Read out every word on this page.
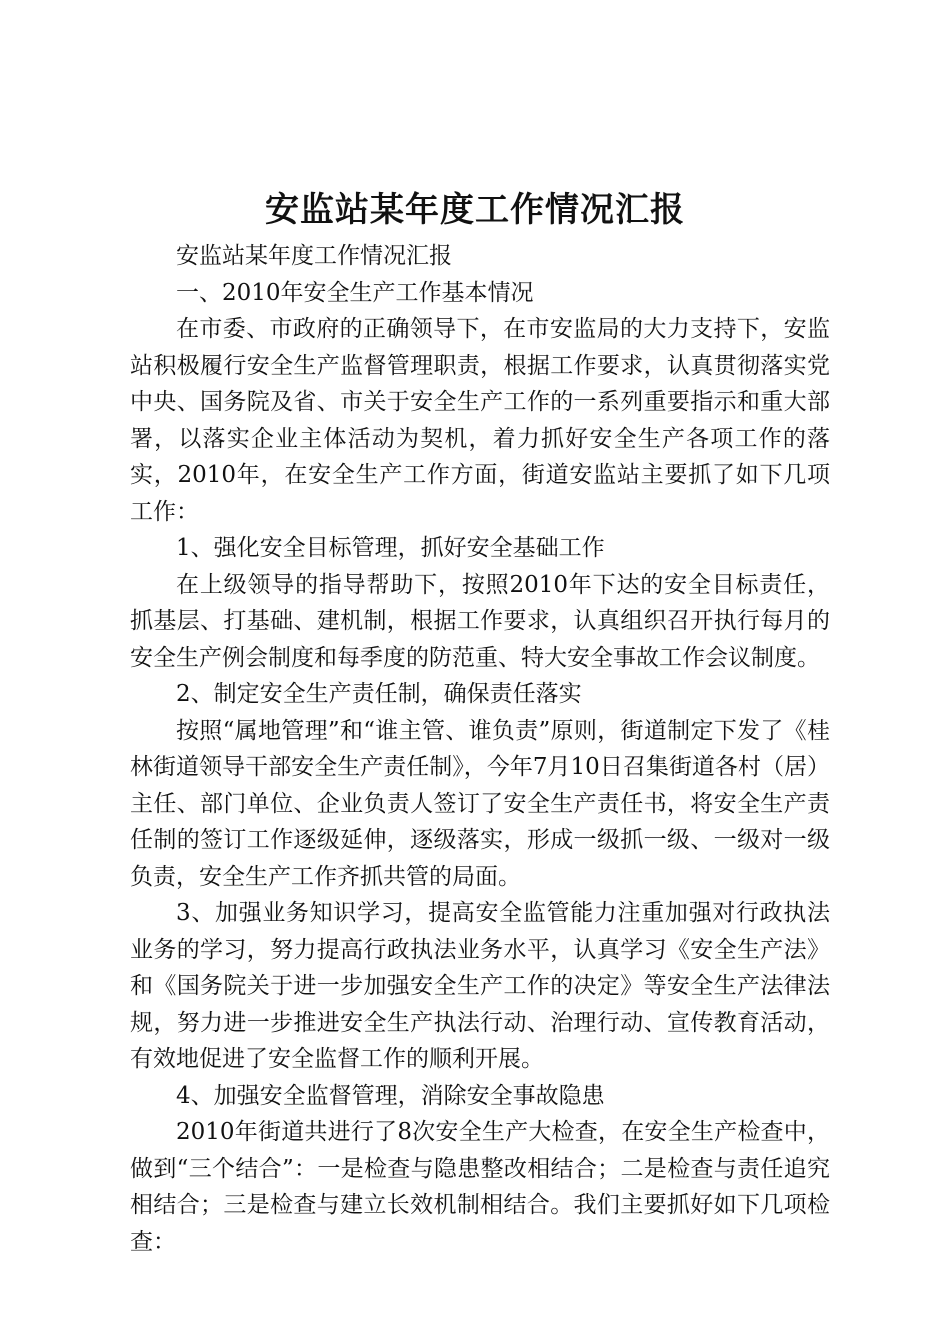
安监站某年度工作情况汇报

安监站某年度工作情况汇报

一、2010年安全生产工作基本情况

在市委、市政府的正确领导下，在市安监局的大力支持下，安监站积极履行安全生产监督管理职责，根据工作要求，认真贯彻落实党中央、国务院及省、市关于安全生产工作的一系列重要指示和重大部署，以落实企业主体活动为契机，着力抓好安全生产各项工作的落实，2010年，在安全生产工作方面，街道安监站主要抓了如下几项工作：

1、强化安全目标管理，抓好安全基础工作

在上级领导的指导帮助下，按照2010年下达的安全目标责任，抓基层、打基础、建机制，根据工作要求，认真组织召开执行每月的安全生产例会制度和每季度的防范重、特大安全事故工作会议制度。

2、制定安全生产责任制，确保责任落实

按照“属地管理”和“谁主管、谁负责”原则，街道制定下发了《桂林街道领导干部安全生产责任制》，今年7月10日召集街道各村（居）主任、部门单位、企业负责人签订了安全生产责任书，将安全生产责任制的签订工作逐级延伸，逐级落实，形成一级抓一级、一级对一级负责，安全生产工作齐抓共管的局面。

3、加强业务知识学习，提高安全监管能力注重加强对行政执法业务的学习，努力提高行政执法业务水平，认真学习《安全生产法》和《国务院关于进一步加强安全生产工作的决定》等安全生产法律法规，努力进一步推进安全生产执法行动、治理行动、宣传教育活动，有效地促进了安全监督工作的顺利开展。

4、加强安全监督管理，消除安全事故隐患

2010年街道共进行了8次安全生产大检查，在安全生产检查中，做到“三个结合”：一是检查与隐患整改相结合；二是检查与责任追究相结合；三是检查与建立长效机制相结合。我们主要抓好如下几项检查：
